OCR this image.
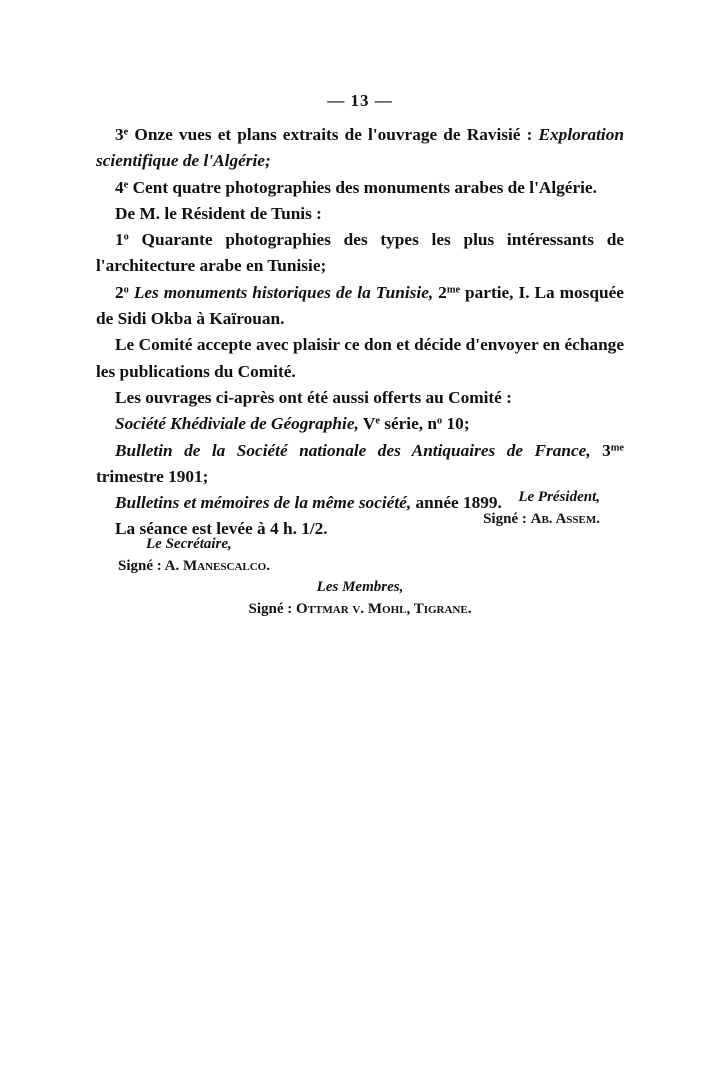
— 13 —

3e Onze vues et plans extraits de l'ouvrage de Ravisié : Exploration scientifique de l'Algérie;

4e Cent quatre photographies des monuments arabes de l'Algérie.

De M. le Résident de Tunis :

1$^o$ Quarante photographies des types les plus intéressants de l'architecture arabe en Tunisie;

2$^o$ Les monuments historiques de la Tunisie, $2^{me}$ partie, I. La mosquée de Sidi Okba à Kaïrouan.

Le Comité accepte avec plaisir ce don et décide d'envoyer en échange les publications du Comité.

Les ouvrages ci-après ont été aussi offerts au Comité :

Société Khédiviale de Géographie, Ve série, $n^o$ 10;

Bulletin de la Société nationale des Antiquaires de France, $3^{me}$ trimestre 1901;

Bulletins et mémoires de la même société, année 1899.

La séance est levée à 4 h. 1/2.

Le Président,
Signé : Ab. Assem.
Le Secrétaire,
Signé : A. Manescalco.
Les Membres,
Signé : Ottmar v. Mohl, Tigrane.
